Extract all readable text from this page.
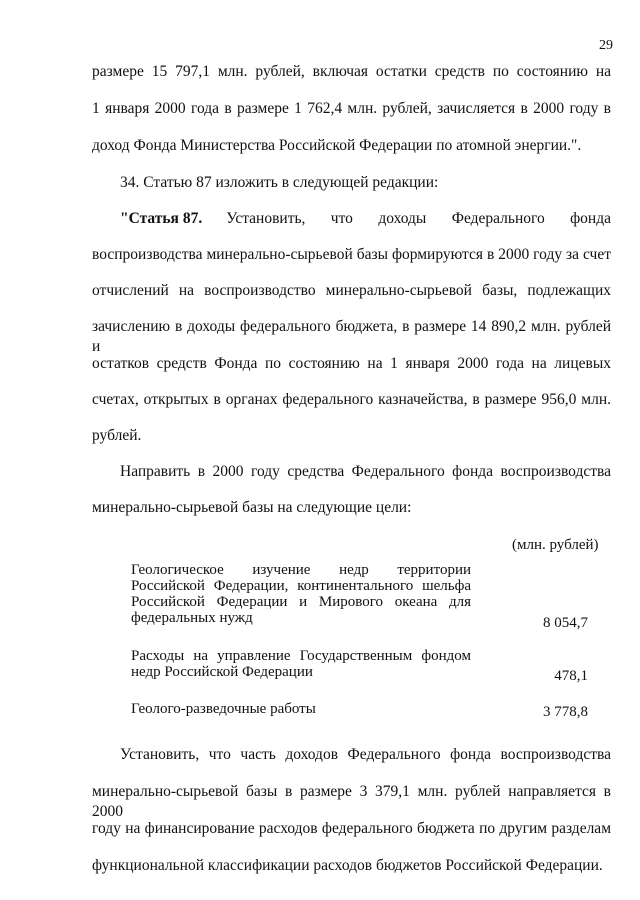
29
размере 15 797,1 млн. рублей, включая остатки средств по состоянию на
1 января 2000 года в размере 1 762,4 млн. рублей, зачисляется в 2000 году в
доход Фонда Министерства Российской Федерации по атомной энергии.".
34. Статью 87 изложить в следующей редакции:
"Статья 87. Установить, что доходы Федерального фонда
воспроизводства минерально-сырьевой базы формируются в 2000 году за счет
отчислений на воспроизводство минерально-сырьевой базы, подлежащих
зачислению в доходы федерального бюджета, в размере 14 890,2 млн. рублей и
остатков средств Фонда по состоянию на 1 января 2000 года на лицевых
счетах, открытых в органах федерального казначейства, в размере 956,0 млн.
рублей.
Направить в 2000 году средства Федерального фонда воспроизводства
минерально-сырьевой базы на следующие цели:
(млн. рублей)
Геологическое изучение недр территории
Российской Федерации, континентального шельфа
Российской Федерации и Мирового океана для
федеральных нужд	8 054,7
Расходы на управление Государственным фондом
недр Российской Федерации	478,1
Геолого-разведочные работы	3 778,8
Установить, что часть доходов Федерального фонда воспроизводства
минерально-сырьевой базы в размере 3 379,1 млн. рублей направляется в 2000
году на финансирование расходов федерального бюджета по другим разделам
функциональной классификации расходов бюджетов Российской Федерации.
